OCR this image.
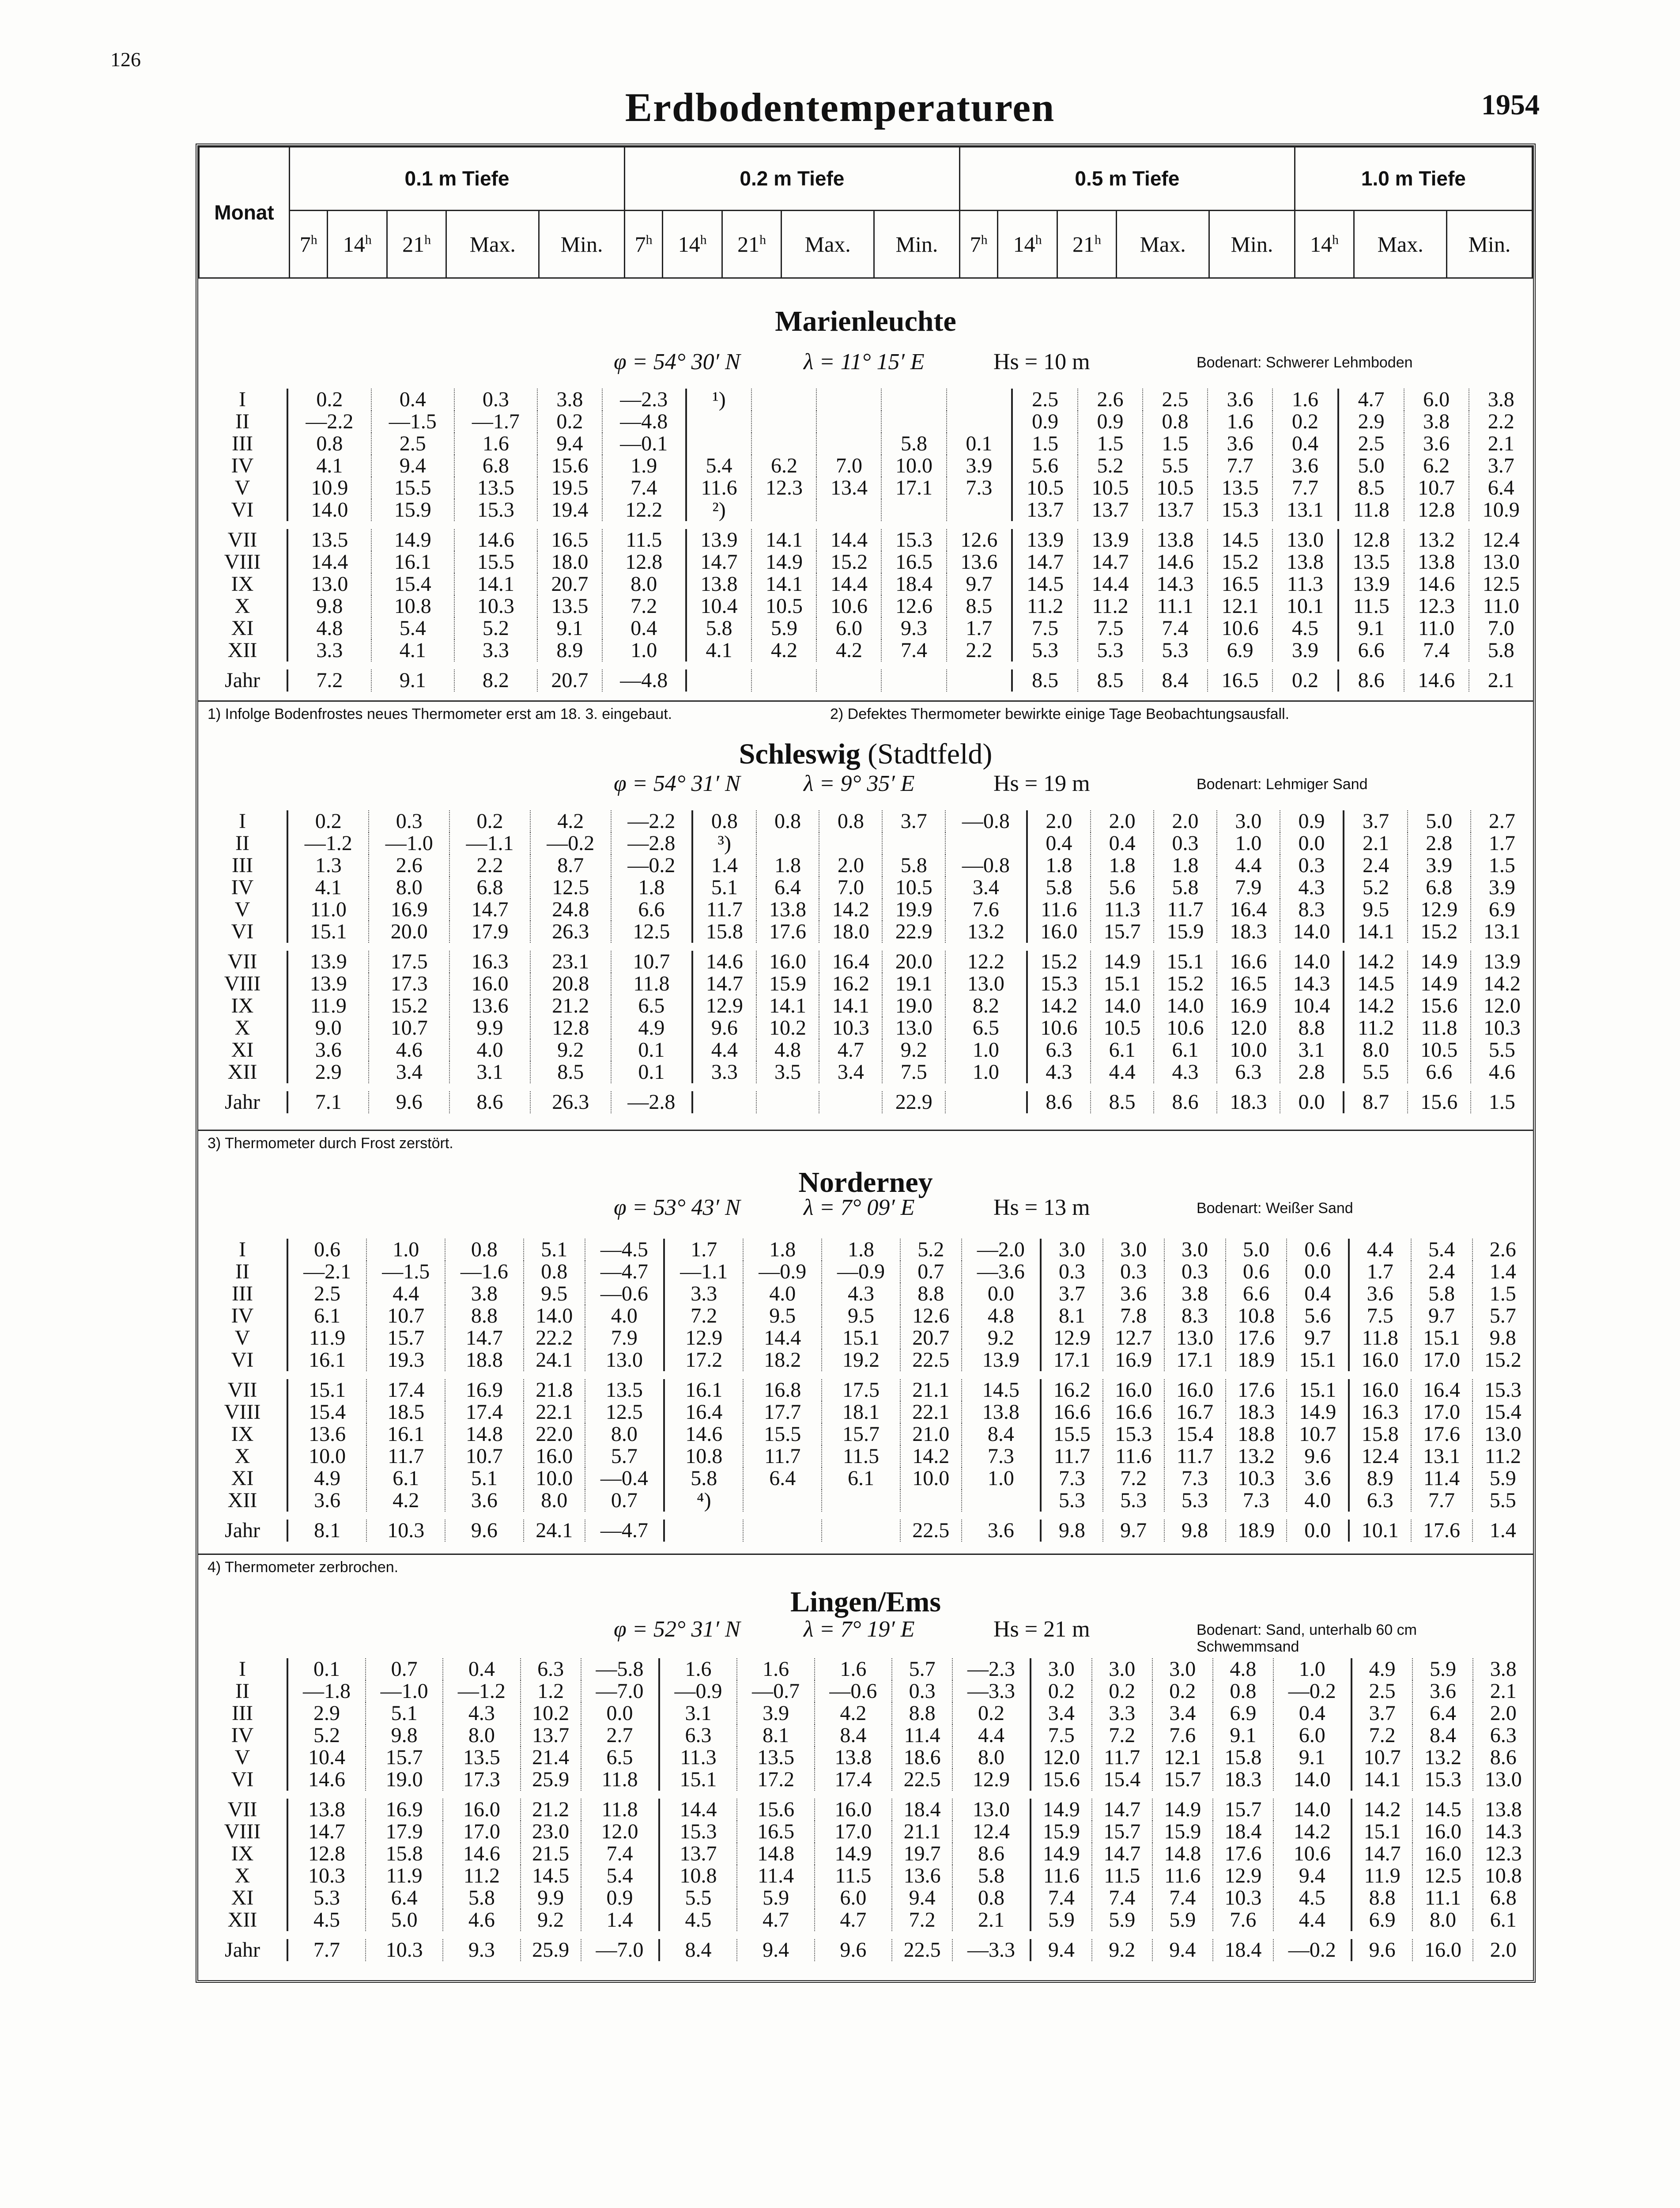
126
Erdbodentemperaturen	1954
Monat	0.1 m Tiefe					0.2 m Tiefe					0.5 m Tiefe					1.0 m Tiefe		
	7$^h$	14$^h$	21$^h$	Max.	Min.	7$^h$	14$^h$	21$^h$	Max.	Min.	7$^h$	14$^h$	21$^h$	Max.	Min.	14$^h$	Max.	Min.
Marienleuchte
φ = 54° 30′ N	λ = 11° 15′ E	Hs = 10 m	Bodenart: Schwerer Lehmboden
I	0.2	0.4	0.3	3.8	—2.3	¹)					2.5	2.6	2.5	3.6	1.6	4.7	6.0	3.8
II	—2.2	—1.5	—1.7	0.2	—4.8						0.9	0.9	0.8	1.6	0.2	2.9	3.8	2.2
III	0.8	2.5	1.6	9.4	—0.1				5.8	0.1	1.5	1.5	1.5	3.6	0.4	2.5	3.6	2.1
IV	4.1	9.4	6.8	15.6	1.9	5.4	6.2	7.0	10.0	3.9	5.6	5.2	5.5	7.7	3.6	5.0	6.2	3.7
V	10.9	15.5	13.5	19.5	7.4	11.6	12.3	13.4	17.1	7.3	10.5	10.5	10.5	13.5	7.7	8.5	10.7	6.4
VI	14.0	15.9	15.3	19.4	12.2	²)					13.7	13.7	13.7	15.3	13.1	11.8	12.8	10.9

VII	13.5	14.9	14.6	16.5	11.5	13.9	14.1	14.4	15.3	12.6	13.9	13.9	13.8	14.5	13.0	12.8	13.2	12.4
VIII	14.4	16.1	15.5	18.0	12.8	14.7	14.9	15.2	16.5	13.6	14.7	14.7	14.6	15.2	13.8	13.5	13.8	13.0
IX	13.0	15.4	14.1	20.7	8.0	13.8	14.1	14.4	18.4	9.7	14.5	14.4	14.3	16.5	11.3	13.9	14.6	12.5
X	9.8	10.8	10.3	13.5	7.2	10.4	10.5	10.6	12.6	8.5	11.2	11.2	11.1	12.1	10.1	11.5	12.3	11.0
XI	4.8	5.4	5.2	9.1	0.4	5.8	5.9	6.0	9.3	1.7	7.5	7.5	7.4	10.6	4.5	9.1	11.0	7.0
XII	3.3	4.1	3.3	8.9	1.0	4.1	4.2	4.2	7.4	2.2	5.3	5.3	5.3	6.9	3.9	6.6	7.4	5.8

Jahr	7.2	9.1	8.2	20.7	—4.8						8.5	8.5	8.4	16.5	0.2	8.6	14.6	2.1
1) Infolge Bodenfrostes neues Thermometer erst am 18. 3. eingebaut.	2) Defektes Thermometer bewirkte einige Tage Beobachtungsausfall.
Schleswig (Stadtfeld)
φ = 54° 31′ N	λ = 9° 35′ E	Hs = 19 m	Bodenart: Lehmiger Sand
I	0.2	0.3	0.2	4.2	—2.2	0.8	0.8	0.8	3.7	—0.8	2.0	2.0	2.0	3.0	0.9	3.7	5.0	2.7
II	—1.2	—1.0	—1.1	—0.2	—2.8	³)					0.4	0.4	0.3	1.0	0.0	2.1	2.8	1.7
III	1.3	2.6	2.2	8.7	—0.2	1.4	1.8	2.0	5.8	—0.8	1.8	1.8	1.8	4.4	0.3	2.4	3.9	1.5
IV	4.1	8.0	6.8	12.5	1.8	5.1	6.4	7.0	10.5	3.4	5.8	5.6	5.8	7.9	4.3	5.2	6.8	3.9
V	11.0	16.9	14.7	24.8	6.6	11.7	13.8	14.2	19.9	7.6	11.6	11.3	11.7	16.4	8.3	9.5	12.9	6.9
VI	15.1	20.0	17.9	26.3	12.5	15.8	17.6	18.0	22.9	13.2	16.0	15.7	15.9	18.3	14.0	14.1	15.2	13.1

VII	13.9	17.5	16.3	23.1	10.7	14.6	16.0	16.4	20.0	12.2	15.2	14.9	15.1	16.6	14.0	14.2	14.9	13.9
VIII	13.9	17.3	16.0	20.8	11.8	14.7	15.9	16.2	19.1	13.0	15.3	15.1	15.2	16.5	14.3	14.5	14.9	14.2
IX	11.9	15.2	13.6	21.2	6.5	12.9	14.1	14.1	19.0	8.2	14.2	14.0	14.0	16.9	10.4	14.2	15.6	12.0
X	9.0	10.7	9.9	12.8	4.9	9.6	10.2	10.3	13.0	6.5	10.6	10.5	10.6	12.0	8.8	11.2	11.8	10.3
XI	3.6	4.6	4.0	9.2	0.1	4.4	4.8	4.7	9.2	1.0	6.3	6.1	6.1	10.0	3.1	8.0	10.5	5.5
XII	2.9	3.4	3.1	8.5	0.1	3.3	3.5	3.4	7.5	1.0	4.3	4.4	4.3	6.3	2.8	5.5	6.6	4.6

Jahr	7.1	9.6	8.6	26.3	—2.8				22.9		8.6	8.5	8.6	18.3	0.0	8.7	15.6	1.5
3) Thermometer durch Frost zerstört.
Norderney
φ = 53° 43′ N	λ = 7° 09′ E	Hs = 13 m	Bodenart: Weißer Sand
I	0.6	1.0	0.8	5.1	—4.5	1.7	1.8	1.8	5.2	—2.0	3.0	3.0	3.0	5.0	0.6	4.4	5.4	2.6
II	—2.1	—1.5	—1.6	0.8	—4.7	—1.1	—0.9	—0.9	0.7	—3.6	0.3	0.3	0.3	0.6	0.0	1.7	2.4	1.4
III	2.5	4.4	3.8	9.5	—0.6	3.3	4.0	4.3	8.8	0.0	3.7	3.6	3.8	6.6	0.4	3.6	5.8	1.5
IV	6.1	10.7	8.8	14.0	4.0	7.2	9.5	9.5	12.6	4.8	8.1	7.8	8.3	10.8	5.6	7.5	9.7	5.7
V	11.9	15.7	14.7	22.2	7.9	12.9	14.4	15.1	20.7	9.2	12.9	12.7	13.0	17.6	9.7	11.8	15.1	9.8
VI	16.1	19.3	18.8	24.1	13.0	17.2	18.2	19.2	22.5	13.9	17.1	16.9	17.1	18.9	15.1	16.0	17.0	15.2

VII	15.1	17.4	16.9	21.8	13.5	16.1	16.8	17.5	21.1	14.5	16.2	16.0	16.0	17.6	15.1	16.0	16.4	15.3
VIII	15.4	18.5	17.4	22.1	12.5	16.4	17.7	18.1	22.1	13.8	16.6	16.6	16.7	18.3	14.9	16.3	17.0	15.4
IX	13.6	16.1	14.8	22.0	8.0	14.6	15.5	15.7	21.0	8.4	15.5	15.3	15.4	18.8	10.7	15.8	17.6	13.0
X	10.0	11.7	10.7	16.0	5.7	10.8	11.7	11.5	14.2	7.3	11.7	11.6	11.7	13.2	9.6	12.4	13.1	11.2
XI	4.9	6.1	5.1	10.0	—0.4	5.8	6.4	6.1	10.0	1.0	7.3	7.2	7.3	10.3	3.6	8.9	11.4	5.9
XII	3.6	4.2	3.6	8.0	0.7	⁴)					5.3	5.3	5.3	7.3	4.0	6.3	7.7	5.5

Jahr	8.1	10.3	9.6	24.1	—4.7				22.5	3.6	9.8	9.7	9.8	18.9	0.0	10.1	17.6	1.4
4) Thermometer zerbrochen.
Lingen/Ems
φ = 52° 31′ N	λ = 7° 19′ E	Hs = 21 m	Bodenart: Sand, unterhalb 60 cm Schwemmsand
I	0.1	0.7	0.4	6.3	—5.8	1.6	1.6	1.6	5.7	—2.3	3.0	3.0	3.0	4.8	1.0	4.9	5.9	3.8
II	—1.8	—1.0	—1.2	1.2	—7.0	—0.9	—0.7	—0.6	0.3	—3.3	0.2	0.2	0.2	0.8	—0.2	2.5	3.6	2.1
III	2.9	5.1	4.3	10.2	0.0	3.1	3.9	4.2	8.8	0.2	3.4	3.3	3.4	6.9	0.4	3.7	6.4	2.0
IV	5.2	9.8	8.0	13.7	2.7	6.3	8.1	8.4	11.4	4.4	7.5	7.2	7.6	9.1	6.0	7.2	8.4	6.3
V	10.4	15.7	13.5	21.4	6.5	11.3	13.5	13.8	18.6	8.0	12.0	11.7	12.1	15.8	9.1	10.7	13.2	8.6
VI	14.6	19.0	17.3	25.9	11.8	15.1	17.2	17.4	22.5	12.9	15.6	15.4	15.7	18.3	14.0	14.1	15.3	13.0

VII	13.8	16.9	16.0	21.2	11.8	14.4	15.6	16.0	18.4	13.0	14.9	14.7	14.9	15.7	14.0	14.2	14.5	13.8
VIII	14.7	17.9	17.0	23.0	12.0	15.3	16.5	17.0	21.1	12.4	15.9	15.7	15.9	18.4	14.2	15.1	16.0	14.3
IX	12.8	15.8	14.6	21.5	7.4	13.7	14.8	14.9	19.7	8.6	14.9	14.7	14.8	17.6	10.6	14.7	16.0	12.3
X	10.3	11.9	11.2	14.5	5.4	10.8	11.4	11.5	13.6	5.8	11.6	11.5	11.6	12.9	9.4	11.9	12.5	10.8
XI	5.3	6.4	5.8	9.9	0.9	5.5	5.9	6.0	9.4	0.8	7.4	7.4	7.4	10.3	4.5	8.8	11.1	6.8
XII	4.5	5.0	4.6	9.2	1.4	4.5	4.7	4.7	7.2	2.1	5.9	5.9	5.9	7.6	4.4	6.9	8.0	6.1

Jahr	7.7	10.3	9.3	25.9	—7.0	8.4	9.4	9.6	22.5	—3.3	9.4	9.2	9.4	18.4	—0.2	9.6	16.0	2.0
